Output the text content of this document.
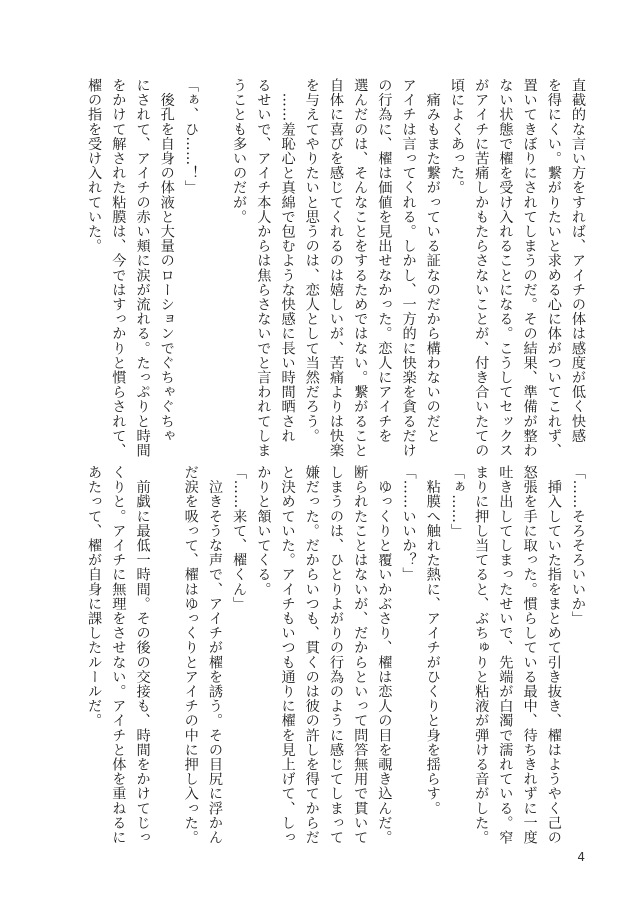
直截的な言い方をすれば、アイチの体は感度が低く快感
を得にくい。繋がりたいと求める心に体がついてこれず、
置いてきぼりにされてしまうのだ。その結果、準備が整わ
ない状態で櫂を受け入れることになる。こうしてセックス
がアイチに苦痛しかもたらさないことが、付き合いたての
頃によくあった。
　痛みもまた繋がっている証なのだから構わないのだと
アイチは言ってくれる。しかし、一方的に快楽を貪るだけ
の行為に、櫂は価値を見出せなかった。恋人にアイチを
選んだのは、そんなことをするためではない。繋がること
自体に喜びを感じてくれるのは嬉しいが、苦痛よりは快楽
を与えてやりたいと思うのは、恋人として当然だろう。
　……羞恥心と真綿で包むような快感に長い時間晒され
るせいで、アイチ本人からは焦らさないでと言われてしま
うことも多いのだが。
「ぁ、ひ……！」
　後孔を自身の体液と大量のローションでぐちゃぐちゃ
にされて、アイチの赤い頬に涙が流れる。たっぷりと時間
をかけて解された粘膜は、今ではすっかりと慣らされて、
櫂の指を受け入れていた。
「……そろそろいいか」
　挿入していた指をまとめて引き抜き、櫂はようやく己の
怒張を手に取った。慣らしている最中、待ちきれずに一度
吐き出してしまったせいで、先端が白濁で濡れている。窄
まりに押し当てると、ぶちゅりと粘液が弾ける音がした。
「ぁ……」
　粘膜へ触れた熱に、アイチがひくりと身を揺らす。
「……いいか？」
　ゆっくりと覆いかぶさり、櫂は恋人の目を覗き込んだ。
断られたことはないが、だからといって問答無用で貫いて
しまうのは、ひとりよがりの行為のように感じてしまって
嫌だった。だからいつも、貫くのは彼の許しを得てからだ
と決めていた。アイチもいつも通りに櫂を見上げて、しっ
かりと頷いてくる。
「……来て、櫂くん」
　泣きそうな声で、アイチが櫂を誘う。その目尻に浮かん
だ涙を吸って、櫂はゆっくりとアイチの中に押し入った。
　前戯に最低一時間。その後の交接も、時間をかけてじっ
くりと。アイチに無理をさせない。アイチと体を重ねるに
あたって、櫂が自身に課したルールだ。
4
